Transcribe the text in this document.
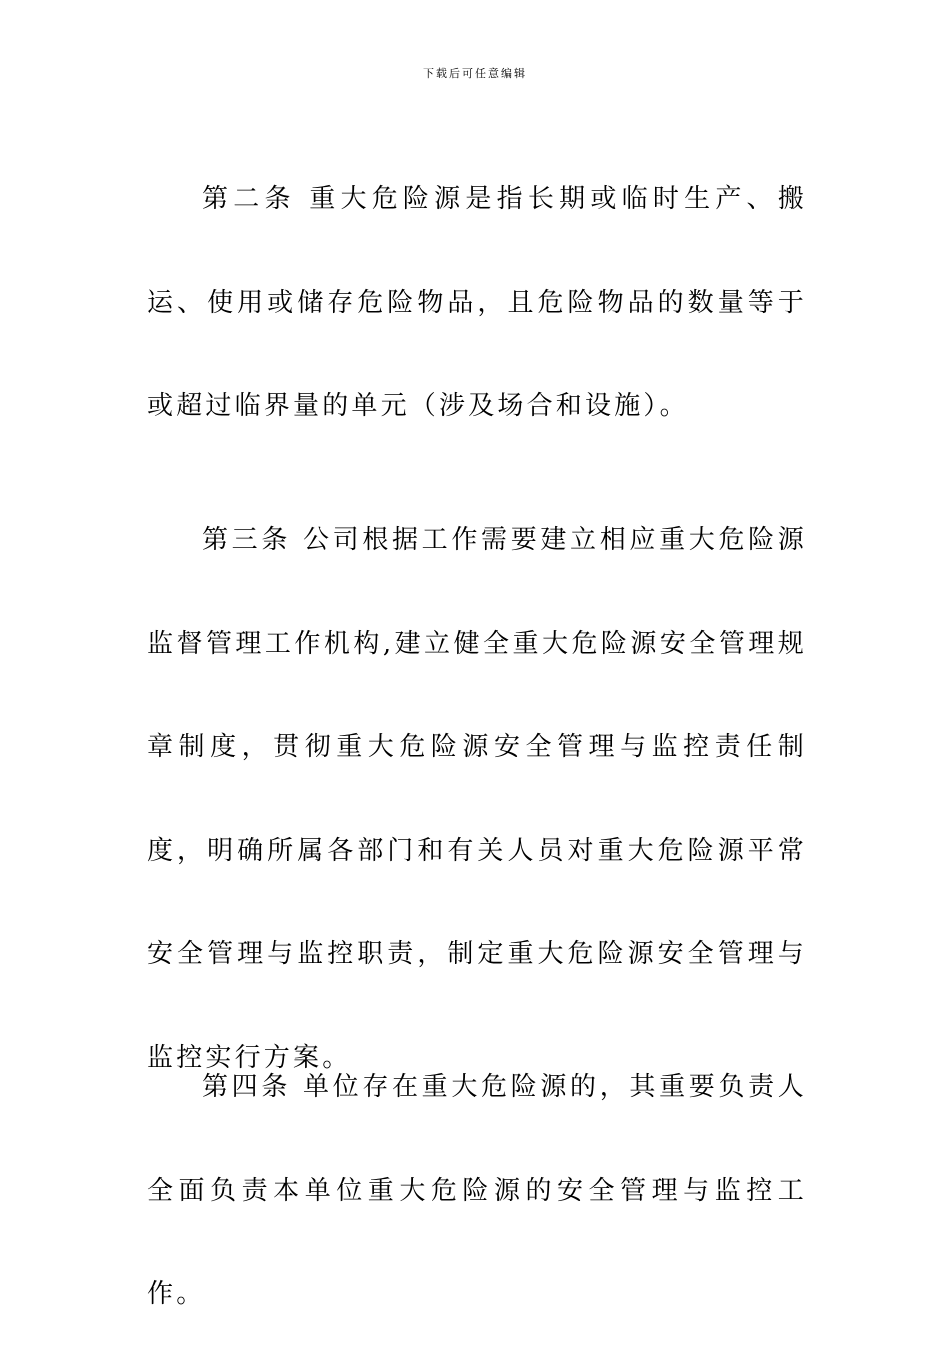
下载后可任意编辑

第二条 重大危险源是指长期或临时生产、搬运、使用或储存危险物品，且危险物品的数量等于或超过临界量的单元（涉及场合和设施）。

第三条 公司根据工作需要建立相应重大危险源监督管理工作机构,建立健全重大危险源安全管理规章制度，贯彻重大危险源安全管理与监控责任制度，明确所属各部门和有关人员对重大危险源平常安全管理与监控职责，制定重大危险源安全管理与监控实行方案。

第四条 单位存在重大危险源的，其重要负责人全面负责本单位重大危险源的安全管理与监控工作。
